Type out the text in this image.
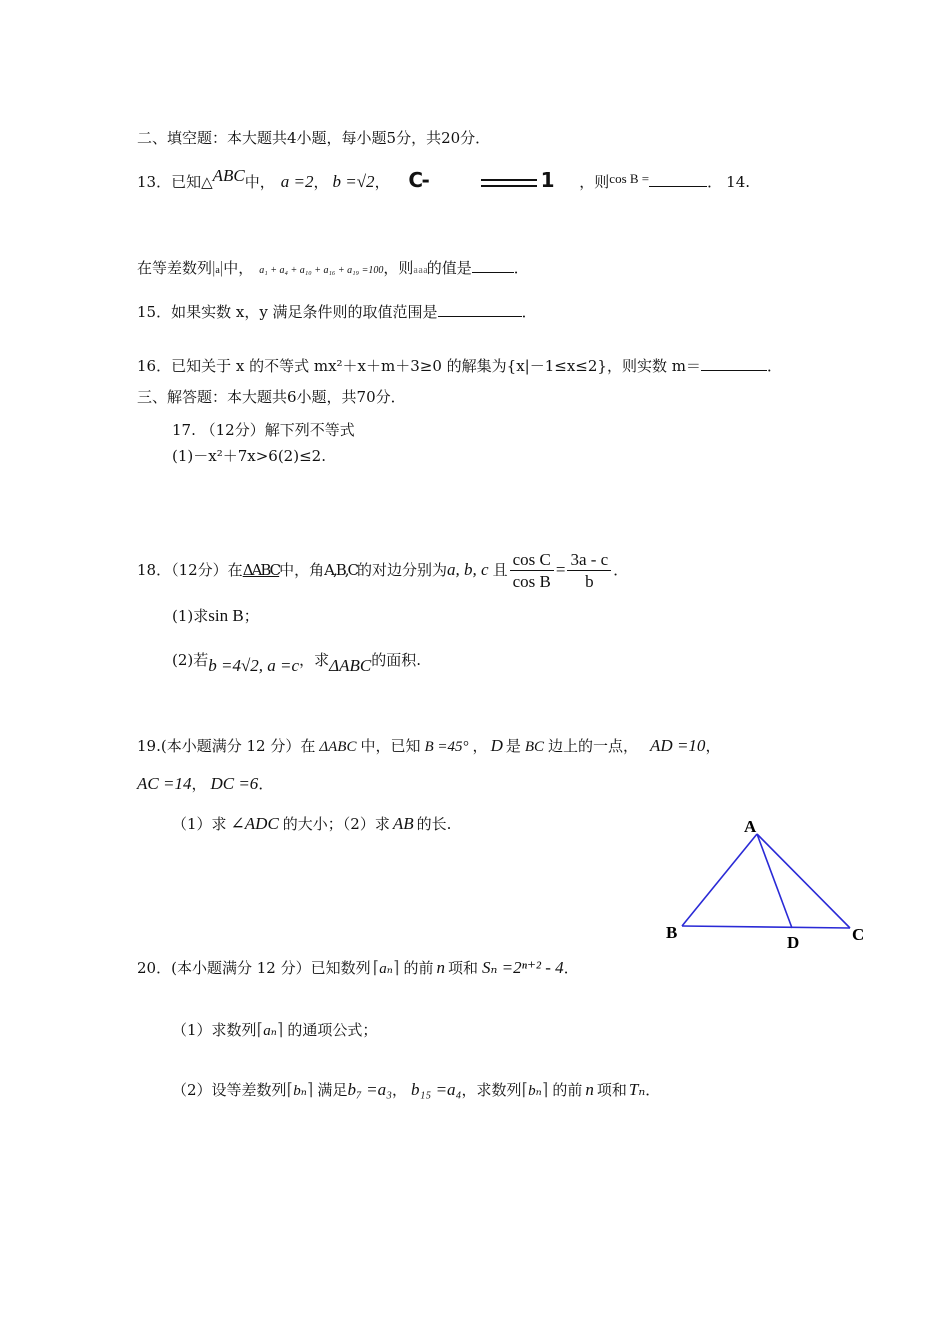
二、填空题：本大题共4小题，每小题5分，共20分．
13．已知△ABC中， a =2， b =√2， C-	1 ，则cos B =	． 14.
在等差数列|a|中， a₁ + a₄ + a₁₀ + a₁₆ + a₁₉ =100，则a a a的值是	．
15．如果实数 x，y 满足条件则的取值范围是	．
16．已知关于 x 的不等式 mx²＋x＋m＋3≥0 的解集为{x|－1≤x≤2}，则实数 m＝	．
三、解答题：本大题共6小题，共70分．
17. （12分）解下列不等式
(1)－x²＋7x>6(2)≤2.
18．（12分）在ΔABC中，角A,B,C的对边分别为a, b, c 且 $\frac{\text{cos C}}{\text{cos B}} = \frac{3a - c}{b}$ ．
(1)求sin B；
(2)若b =4√2, a =c，求ΔABC的面积.
19.(本小题满分 12 分）在 ΔABC 中，已知 B =45° ， D 是 BC 边上的一点， AD =10，
AC =14， DC =6．
（1）求 ∠ADC 的大小；（2）求 AB 的长.	A
B	C
D
20．(本小题满分 12 分）已知数列 ⌈aₙ⌉ 的前 n 项和 Sₙ =2ⁿ⁺² - 4．
（1）求数列⌈aₙ⌉ 的通项公式；
（2）设等差数列⌈bₙ⌉ 满足b₇ =a₃， b₁₅ =a₄，求数列⌈bₙ⌉ 的前 n 项和 Tₙ．
